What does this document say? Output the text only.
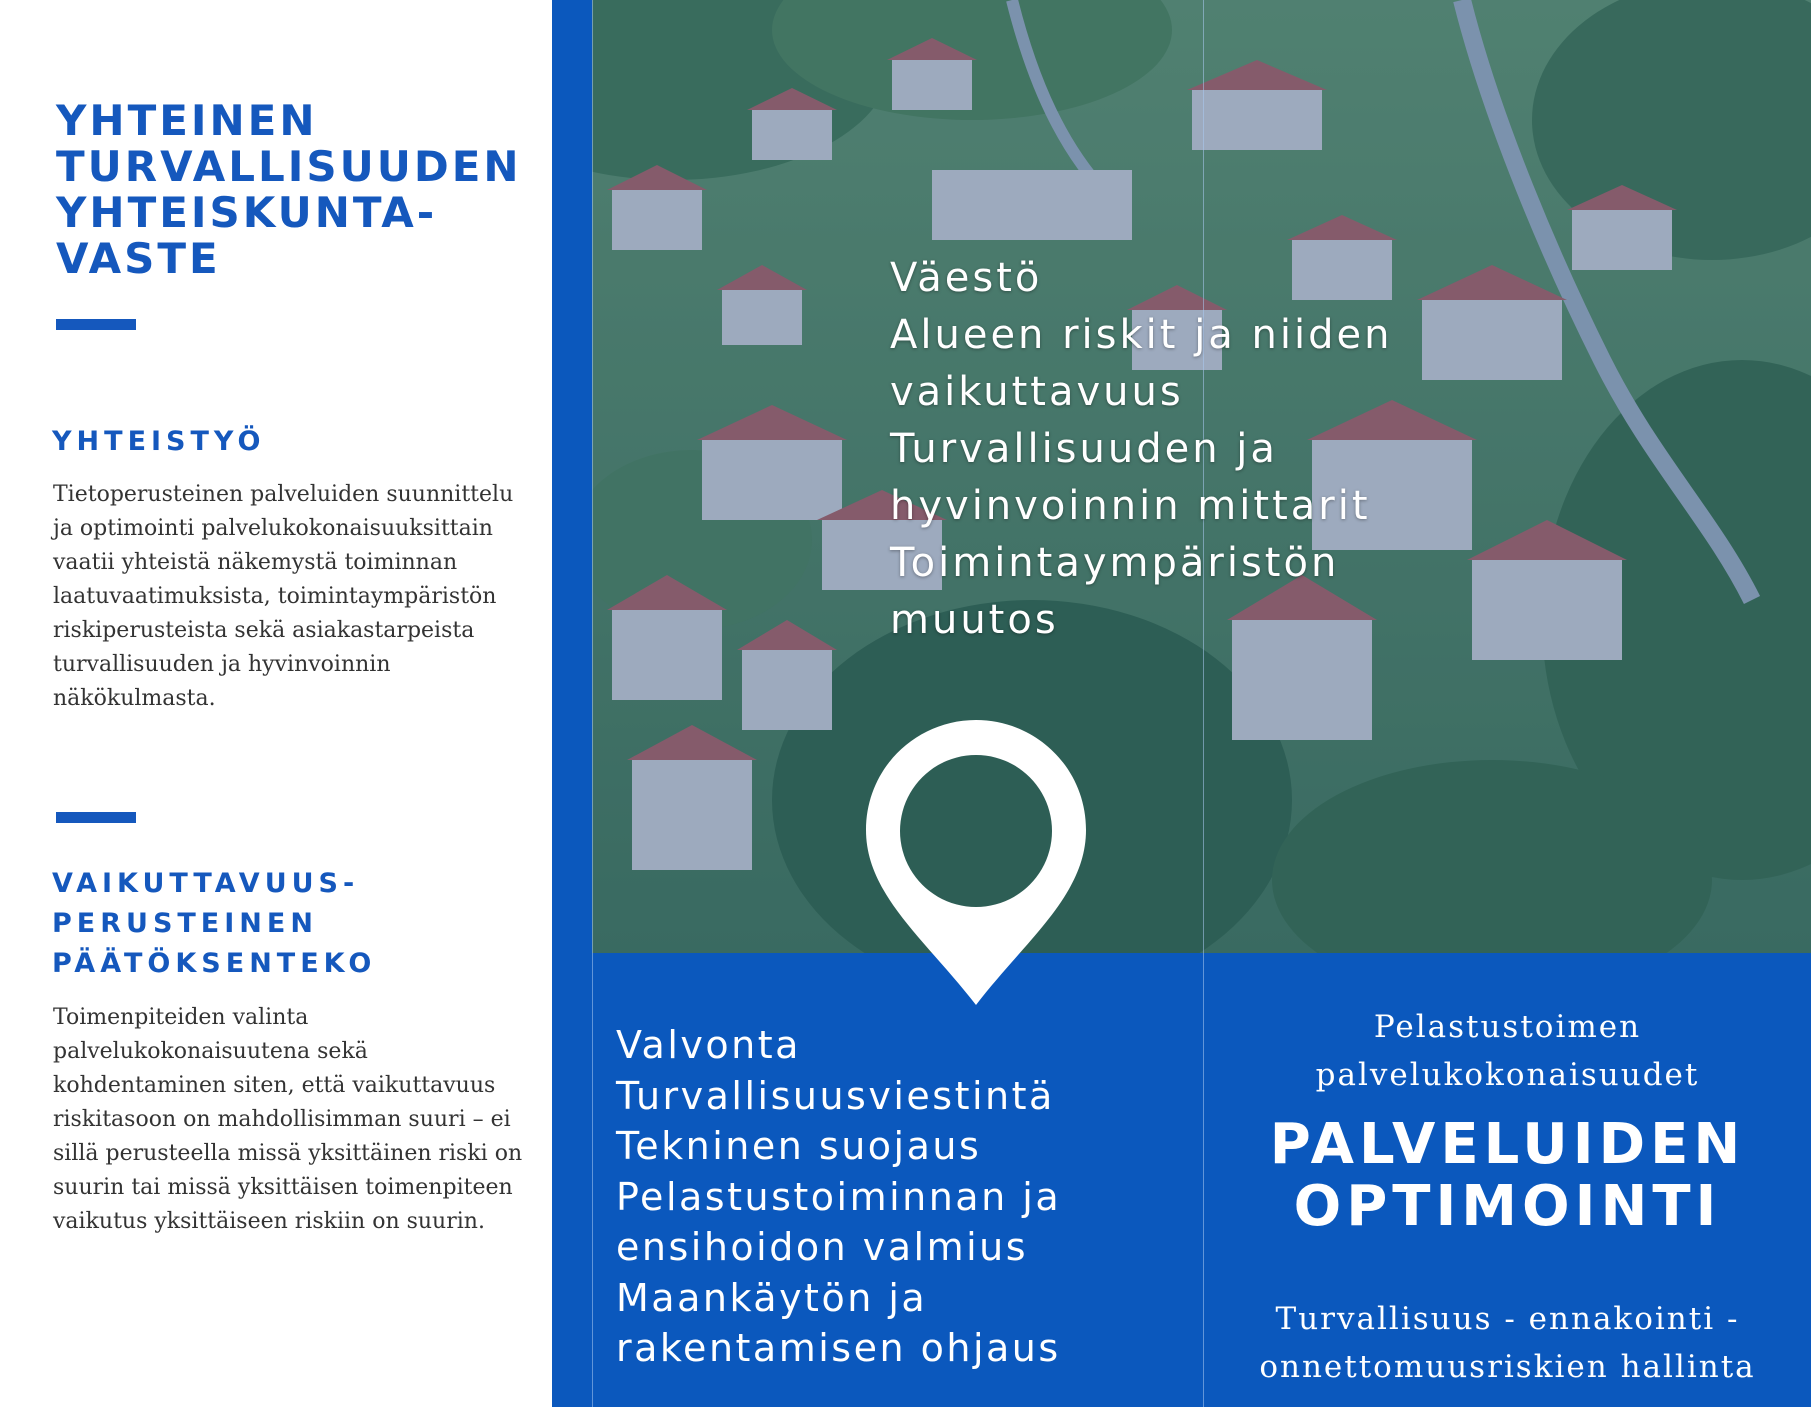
YHTEINEN
TURVALLISUUDEN
YHTEISKUNTA-
VASTE
YHTEISTYÖ

Tietoperusteinen palveluiden suunnittelu ja optimointi palvelukokonaisuuksittain vaatii yhteistä näkemystä toiminnan laatuvaatimuksista, toimintaympäristön riskiperusteista sekä asiakastarpeista turvallisuuden ja hyvinvoinnin näkökulmasta.

VAIKUTTAVUUS-
PERUSTEINEN
PÄÄTÖKSENTEKO

Toimenpiteiden valinta palvelukokonaisuutena sekä kohdentaminen siten, että vaikuttavuus riskitasoon on mahdollisimman suuri – ei sillä perusteella missä yksittäinen riski on suurin tai missä yksittäisen toimenpiteen vaikutus yksittäiseen riskiin on suurin.

Väestö
Alueen riskit ja niiden vaikuttavuus
Turvallisuuden ja hyvinvoinnin mittarit
Toimintaympäristön muutos
Valvonta
Turvallisuusviestintä
Tekninen suojaus
Pelastustoiminnan ja ensihoidon valmius
Maankäytön ja rakentamisen ohjaus

Pelastustoimen
palvelukokonaisuudet

PALVELUIDEN
OPTIMOINTI

Turvallisuus - ennakointi -
onnettomuusriskien hallinta
